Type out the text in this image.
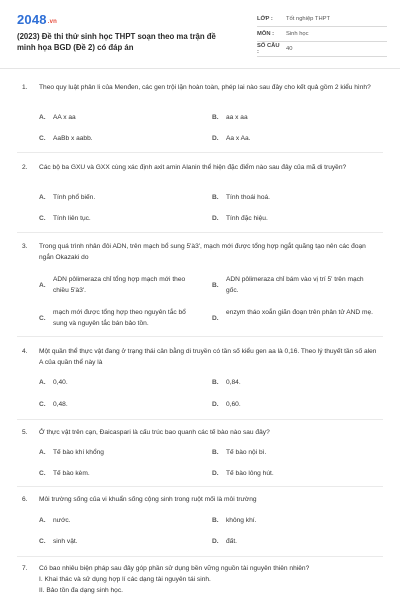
2048.vn
(2023) Đề thi thử sinh học THPT soạn theo ma trận đề minh họa BGD (Đề 2) có đáp án
LỚP :	Tốt nghiệp THPT
MÔN :	Sinh học
SỐ CÂU :	40
1. Theo quy luật phân li của Menđen, các gen trội lặn hoàn toàn, phép lai nào sau đây cho kết quả gồm 2 kiểu hình?
A. AA x aa	B. aa x aa
C. AaBb x aabb.	D. Aa x Aa.
2. Các bộ ba GXU và GXX cùng xác định axit amin Alanin thể hiện đặc điểm nào sau đây của mã di truyền?
A. Tính phổ biến.	B. Tính thoái hoá.
C. Tính liên tục.	D. Tính đặc hiệu.
3. Trong quá trình nhân đôi ADN, trên mạch bổ sung 5'à3', mạch mới được tổng hợp ngắt quãng tạo nên các đoạn ngắn Okazaki do
A.
ADN pôlimeraza chỉ tổng hợp mạch mới theo chiều 5'à3'.
B.
ADN pôlimeraza chỉ bám vào vị trí 5' trên mạch gốc.
C.
mạch mới được tổng hợp theo nguyên tắc bổ sung và nguyên tắc bán bảo tồn.
D.
enzym tháo xoắn giãn đoạn trên phân tử AND mẹ.
4. Một quần thể thực vật đang ở trạng thái cân bằng di truyền có tần số kiểu gen aa là 0,16. Theo lý thuyết tần số alen A của quần thể này là
A. 0,40.	B. 0,84.
C. 0,48.	D. 0,60.
5. Ở thực vật trên cạn, Đaicaspari là cấu trúc bao quanh các tế bào nào sau đây?
A. Tế bào khí khổng	B. Tế bào nội bì.
C. Tế bào kèm.	D. Tế bào lông hút.
6. Môi trường sống của vi khuẩn sống cộng sinh trong ruột mối là môi trường
A. nước.	B. không khí.
C. sinh vật.	D. đất.
7. Có bao nhiêu biện pháp sau đây góp phần sử dụng bền vững nguồn tài nguyên thiên nhiên?
I. Khai thác và sử dụng hợp lí các dạng tài nguyên tái sinh.
II. Bảo tồn đa dạng sinh học.
